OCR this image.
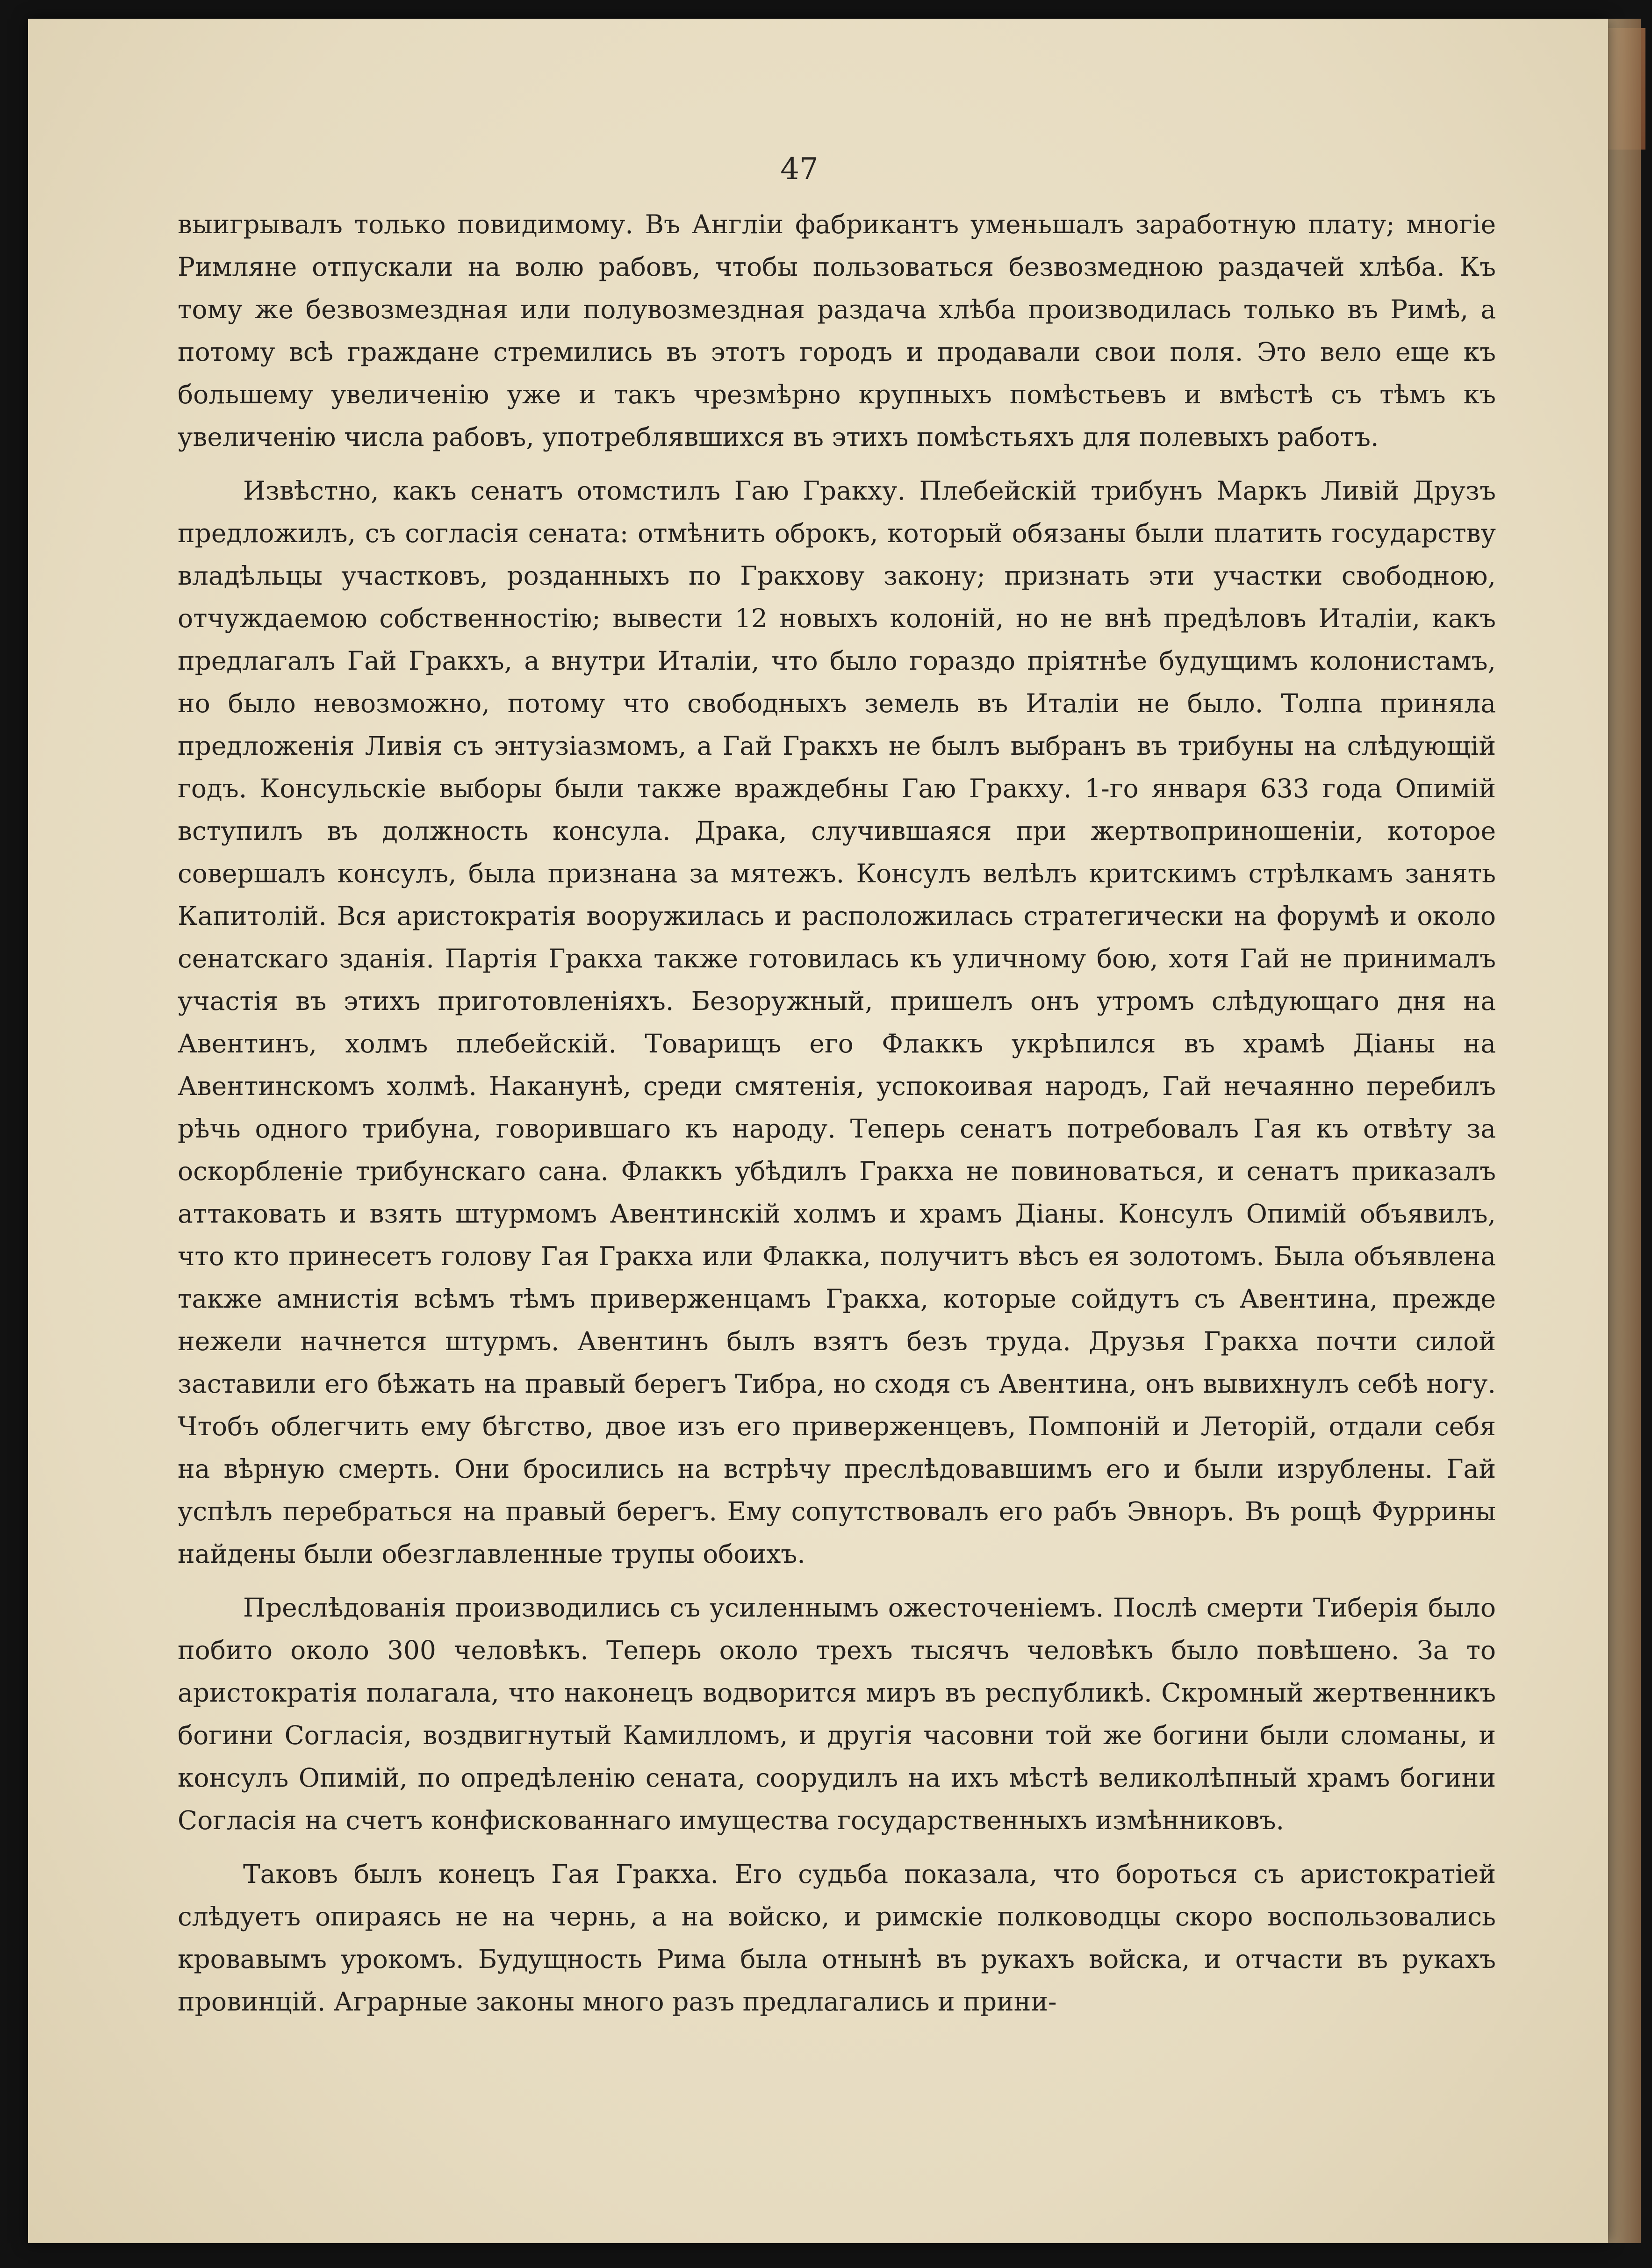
47

выигрывалъ только повидимому. Въ Англіи фабрикантъ уменьшалъ заработную плату; многіе Римляне отпускали на волю рабовъ, чтобы пользоваться безвозмедною раздачей хлѣба. Къ тому же безвозмездная или полувозмездная раздача хлѣба производилась только въ Римѣ, а потому всѣ граждане стремились въ этотъ городъ и продавали свои поля. Это вело еще къ большему увеличенію уже и такъ чрезмѣрно крупныхъ помѣстьевъ и вмѣстѣ съ тѣмъ къ увеличенію числа рабовъ, употреблявшихся въ этихъ помѣстьяхъ для полевыхъ работъ.

Извѣстно, какъ сенатъ отомстилъ Гаю Гракху. Плебейскій трибунъ Маркъ Ливій Друзъ предложилъ, съ согласія сената: отмѣнить оброкъ, который обязаны были платить государству владѣльцы участковъ, розданныхъ по Гракхову закону; признать эти участки свободною, отчуждаемою собственностію; вывести 12 новыхъ колоній, но не внѣ предѣловъ Италіи, какъ предлагалъ Гай Гракхъ, а внутри Италіи, что было гораздо пріятнѣе будущимъ колонистамъ, но было невозможно, потому что свободныхъ земель въ Италіи не было. Толпа приняла предложенія Ливія съ энтузіазмомъ, а Гай Гракхъ не былъ выбранъ въ трибуны на слѣдующій годъ. Консульскіе выборы были также враждебны Гаю Гракху. 1-го января 633 года Опимій вступилъ въ должность консула. Драка, случившаяся при жертвоприношеніи, которое совершалъ консулъ, была признана за мятежъ. Консулъ велѣлъ критскимъ стрѣлкамъ занять Капитолій. Вся аристократія вооружилась и расположилась стратегически на форумѣ и около сенатскаго зданія. Партія Гракха также готовилась къ уличному бою, хотя Гай не принималъ участія въ этихъ приготовленіяхъ. Безоружный, пришелъ онъ утромъ слѣдующаго дня на Авентинъ, холмъ плебейскій. Товарищъ его Флаккъ укрѣпился въ храмѣ Діаны на Авентинскомъ холмѣ. Наканунѣ, среди смятенія, успокоивая народъ, Гай нечаянно перебилъ рѣчь одного трибуна, говорившаго къ народу. Теперь сенатъ потребовалъ Гая къ отвѣту за оскорбленіе трибунскаго сана. Флаккъ убѣдилъ Гракха не повиноваться, и сенатъ приказалъ аттаковать и взять штурмомъ Авентинскій холмъ и храмъ Діаны. Консулъ Опимій объявилъ, что кто принесетъ голову Гая Гракха или Флакка, получитъ вѣсъ ея золотомъ. Была объявлена также амнистія всѣмъ тѣмъ приверженцамъ Гракха, которые сойдутъ съ Авентина, прежде нежели начнется штурмъ. Авентинъ былъ взятъ безъ труда. Друзья Гракха почти силой заставили его бѣжать на правый берегъ Тибра, но сходя съ Авентина, онъ вывихнулъ себѣ ногу. Чтобъ облегчить ему бѣгство, двое изъ его приверженцевъ, Помпоній и Леторій, отдали себя на вѣрную смерть. Они бросились на встрѣчу преслѣдовавшимъ его и были изрублены. Гай успѣлъ перебраться на правый берегъ. Ему сопутствовалъ его рабъ Эвноръ. Въ рощѣ Фуррины найдены были обезглавленные трупы обоихъ.

Преслѣдованія производились съ усиленнымъ ожесточеніемъ. Послѣ смерти Тиберія было побито около 300 человѣкъ. Теперь около трехъ тысячъ человѣкъ было повѣшено. За то аристократія полагала, что наконецъ водворится миръ въ республикѣ. Скромный жертвенникъ богини Согласія, воздвигнутый Камилломъ, и другія часовни той же богини были сломаны, и консулъ Опимій, по опредѣленію сената, соорудилъ на ихъ мѣстѣ великолѣпный храмъ богини Согласія на счетъ конфискованнаго имущества государственныхъ измѣнниковъ.

Таковъ былъ конецъ Гая Гракха. Его судьба показала, что бороться съ аристократіей слѣдуетъ опираясь не на чернь, а на войско, и римскіе полководцы скоро воспользовались кровавымъ урокомъ. Будущность Рима была отнынѣ въ рукахъ войска, и отчасти въ рукахъ провинцій. Аграрные законы много разъ предлагались и прини-
